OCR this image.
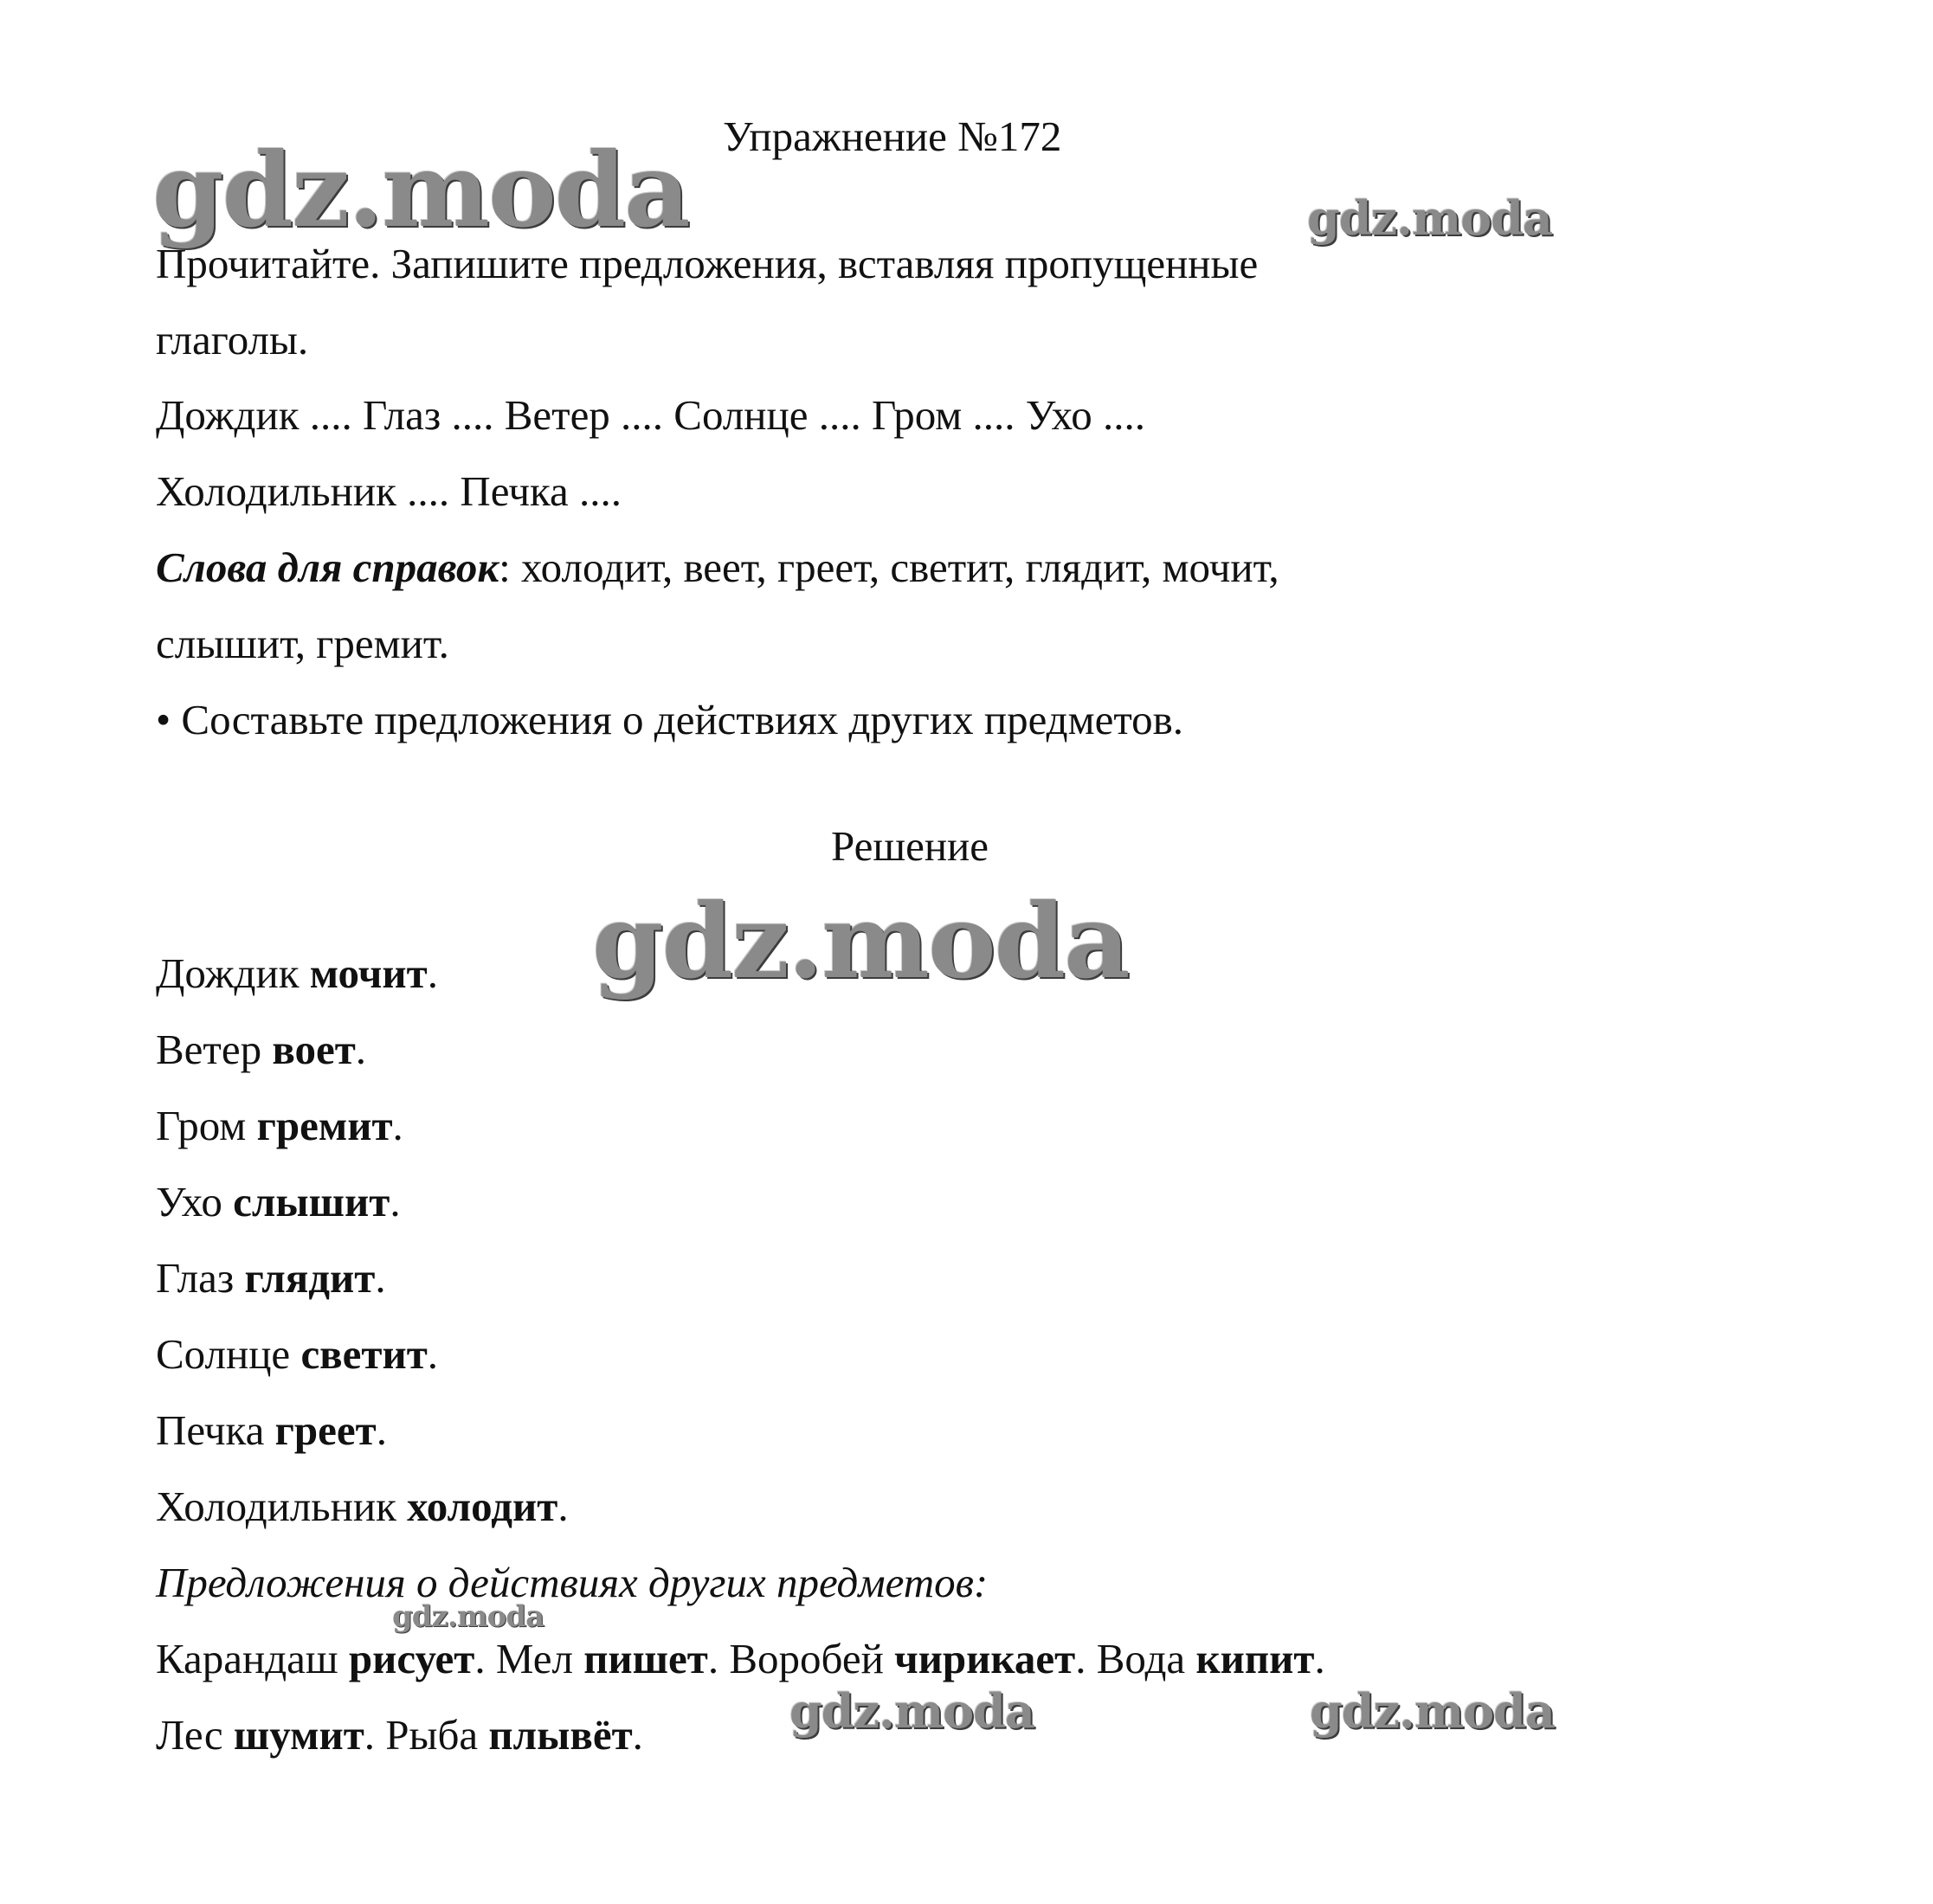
gdz.moda	gdz.moda
gdz.moda
gdz.moda
gdz.moda	gdz.moda
Упражнение №172
Прочитайте. Запишите предложения, вставляя пропущенные
глаголы.
Дождик .... Глаз .... Ветер .... Солнце .... Гром .... Ухо ....
Холодильник .... Печка ....
Слова для справок: холодит, веет, греет, светит, глядит, мочит,
слышит, гремит.
• Составьте предложения о действиях других предметов.
Решение
Дождик мочит.
Ветер воет.
Гром гремит.
Ухо слышит.
Глаз глядит.
Солнце светит.
Печка греет.
Холодильник холодит.
Предложения о действиях других предметов:
Карандаш рисует. Мел пишет. Воробей чирикает. Вода кипит.
Лес шумит. Рыба плывёт.
